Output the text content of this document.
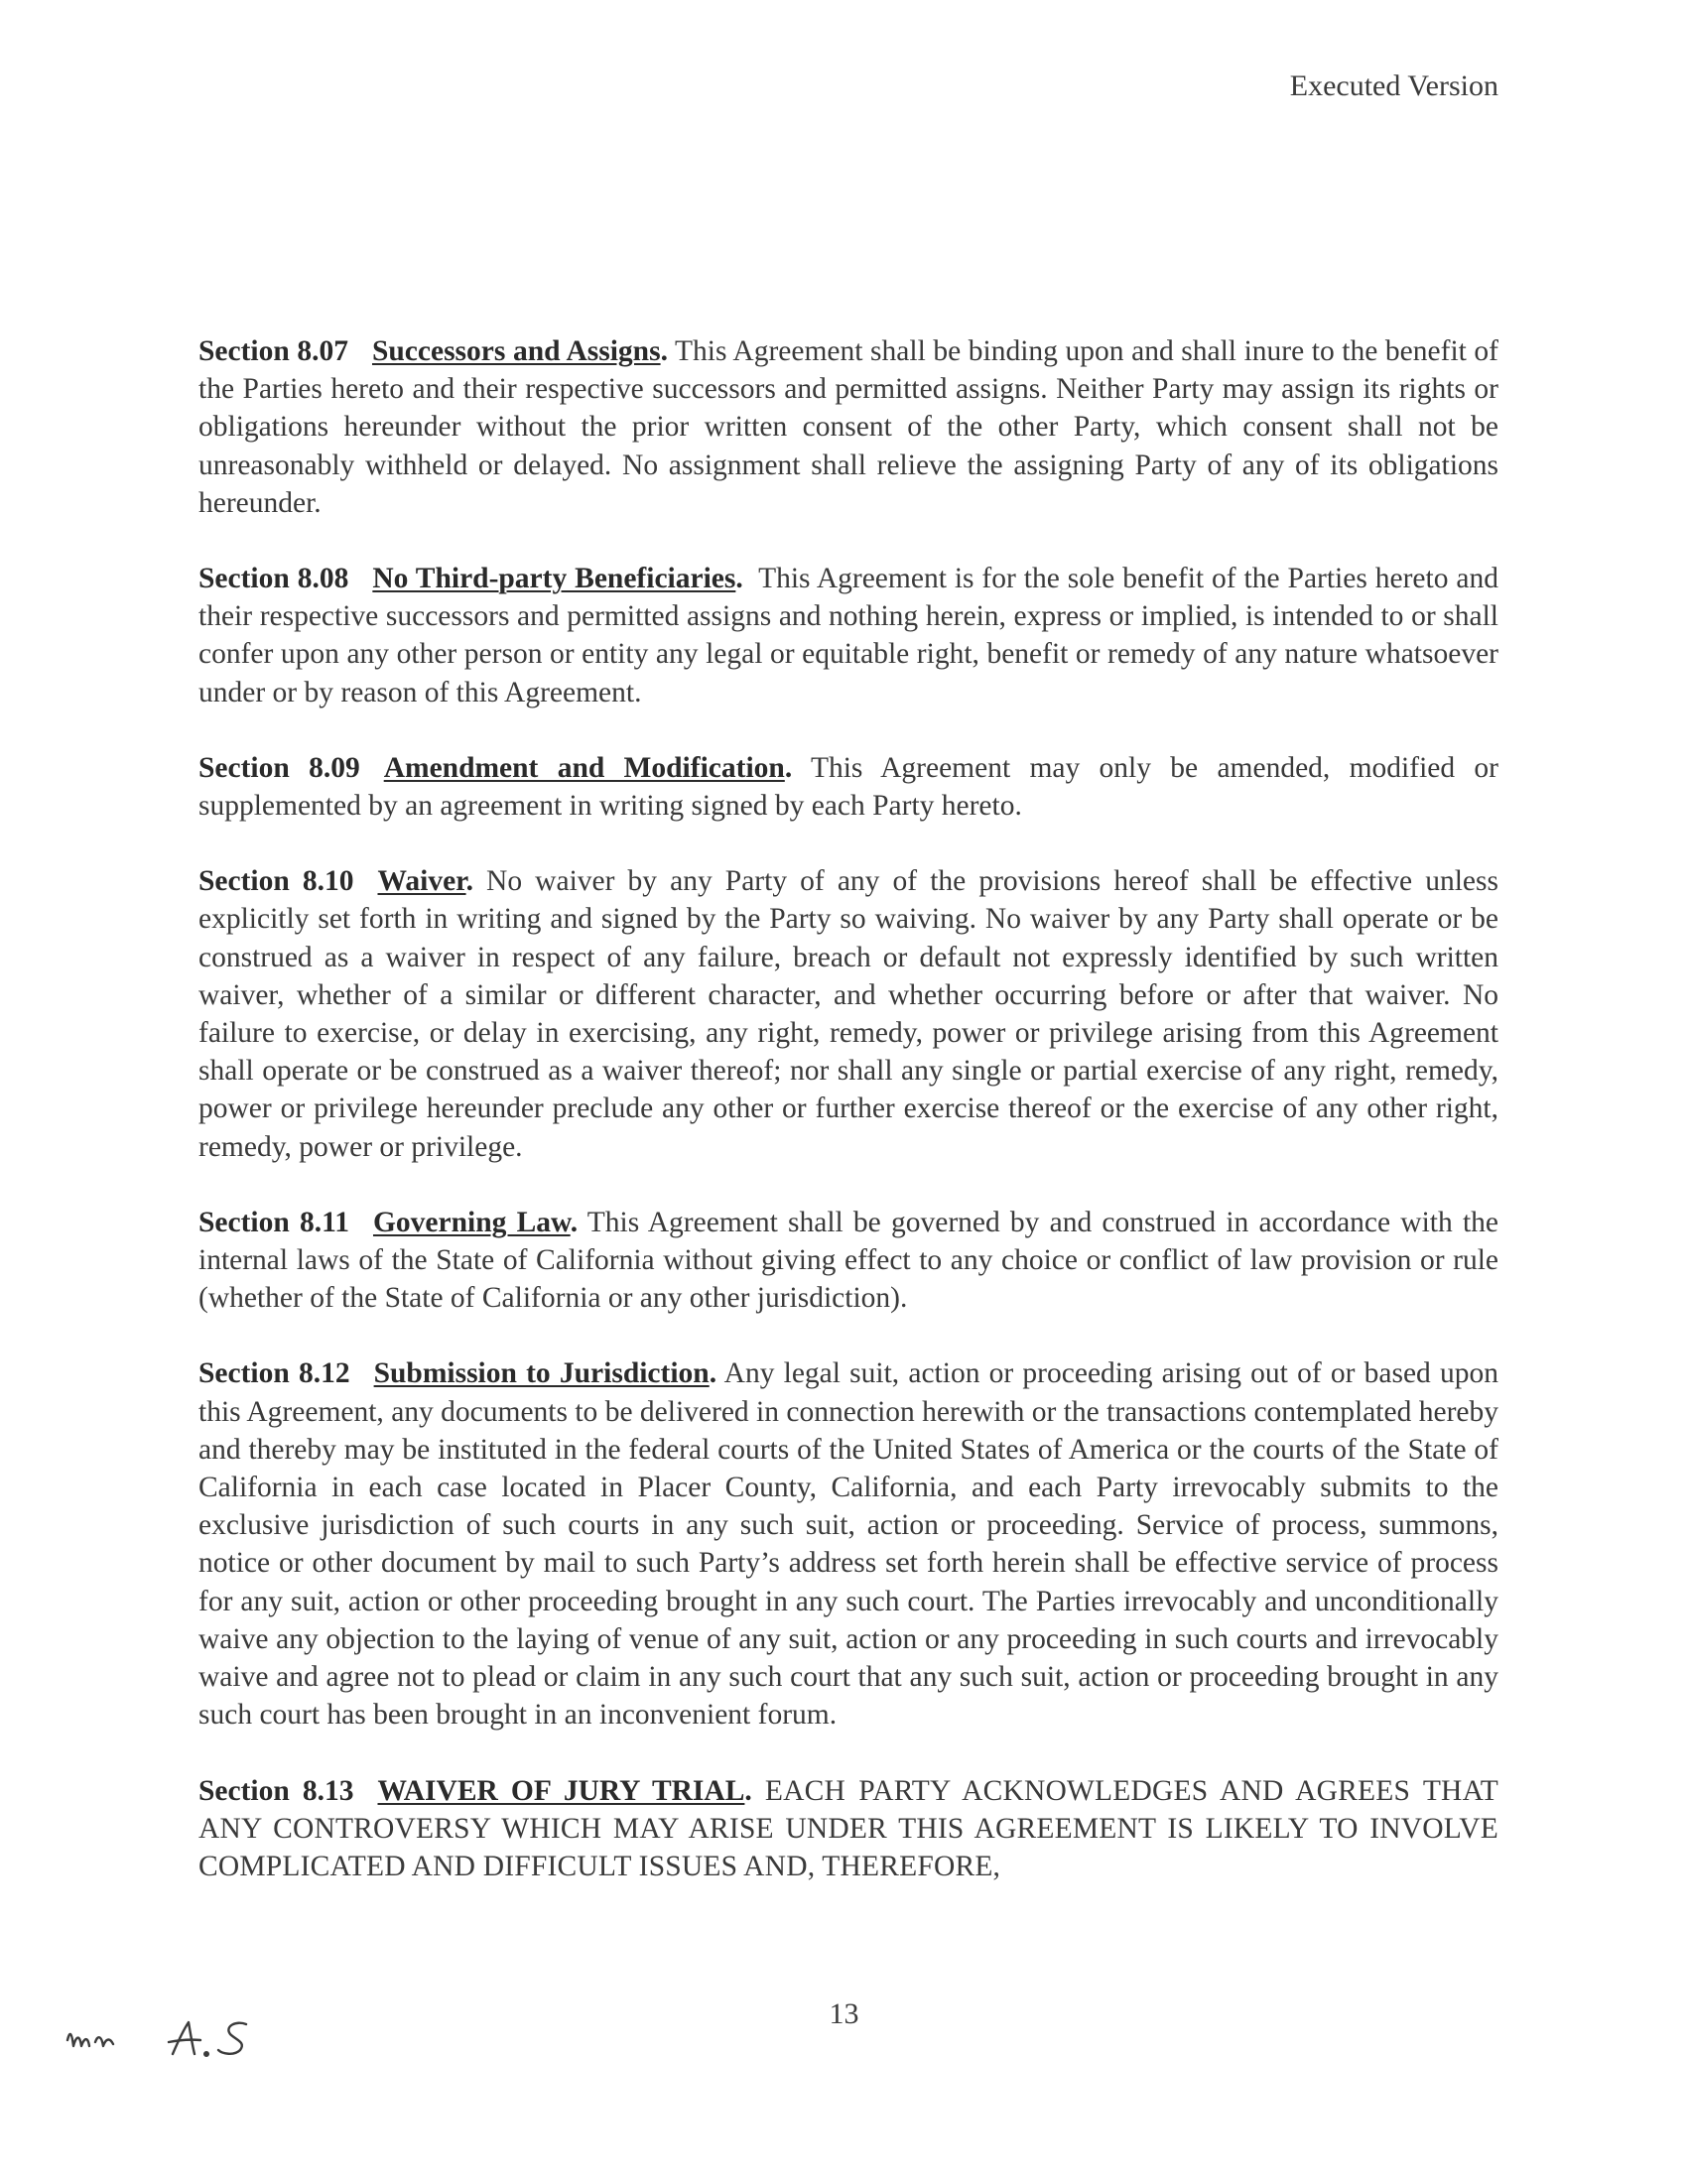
Executed Version

Section 8.07 Successors and Assigns. This Agreement shall be binding upon and shall inure to the benefit of the Parties hereto and their respective successors and permitted assigns. Neither Party may assign its rights or obligations hereunder without the prior written consent of the other Party, which consent shall not be unreasonably withheld or delayed. No assignment shall relieve the assigning Party of any of its obligations hereunder.

Section 8.08 No Third-party Beneficiaries. This Agreement is for the sole benefit of the Parties hereto and their respective successors and permitted assigns and nothing herein, express or implied, is intended to or shall confer upon any other person or entity any legal or equitable right, benefit or remedy of any nature whatsoever under or by reason of this Agreement.

Section 8.09 Amendment and Modification. This Agreement may only be amended, modified or supplemented by an agreement in writing signed by each Party hereto.

Section 8.10 Waiver. No waiver by any Party of any of the provisions hereof shall be effective unless explicitly set forth in writing and signed by the Party so waiving. No waiver by any Party shall operate or be construed as a waiver in respect of any failure, breach or default not expressly identified by such written waiver, whether of a similar or different character, and whether occurring before or after that waiver. No failure to exercise, or delay in exercising, any right, remedy, power or privilege arising from this Agreement shall operate or be construed as a waiver thereof; nor shall any single or partial exercise of any right, remedy, power or privilege hereunder preclude any other or further exercise thereof or the exercise of any other right, remedy, power or privilege.

Section 8.11 Governing Law. This Agreement shall be governed by and construed in accordance with the internal laws of the State of California without giving effect to any choice or conflict of law provision or rule (whether of the State of California or any other jurisdiction).

Section 8.12 Submission to Jurisdiction. Any legal suit, action or proceeding arising out of or based upon this Agreement, any documents to be delivered in connection herewith or the transactions contemplated hereby and thereby may be instituted in the federal courts of the United States of America or the courts of the State of California in each case located in Placer County, California, and each Party irrevocably submits to the exclusive jurisdiction of such courts in any such suit, action or proceeding. Service of process, summons, notice or other document by mail to such Party’s address set forth herein shall be effective service of process for any suit, action or other proceeding brought in any such court. The Parties irrevocably and unconditionally waive any objection to the laying of venue of any suit, action or any proceeding in such courts and irrevocably waive and agree not to plead or claim in any such court that any such suit, action or proceeding brought in any such court has been brought in an inconvenient forum.

Section 8.13 WAIVER OF JURY TRIAL. EACH PARTY ACKNOWLEDGES AND AGREES THAT ANY CONTROVERSY WHICH MAY ARISE UNDER THIS AGREEMENT IS LIKELY TO INVOLVE COMPLICATED AND DIFFICULT ISSUES AND, THEREFORE,

13
